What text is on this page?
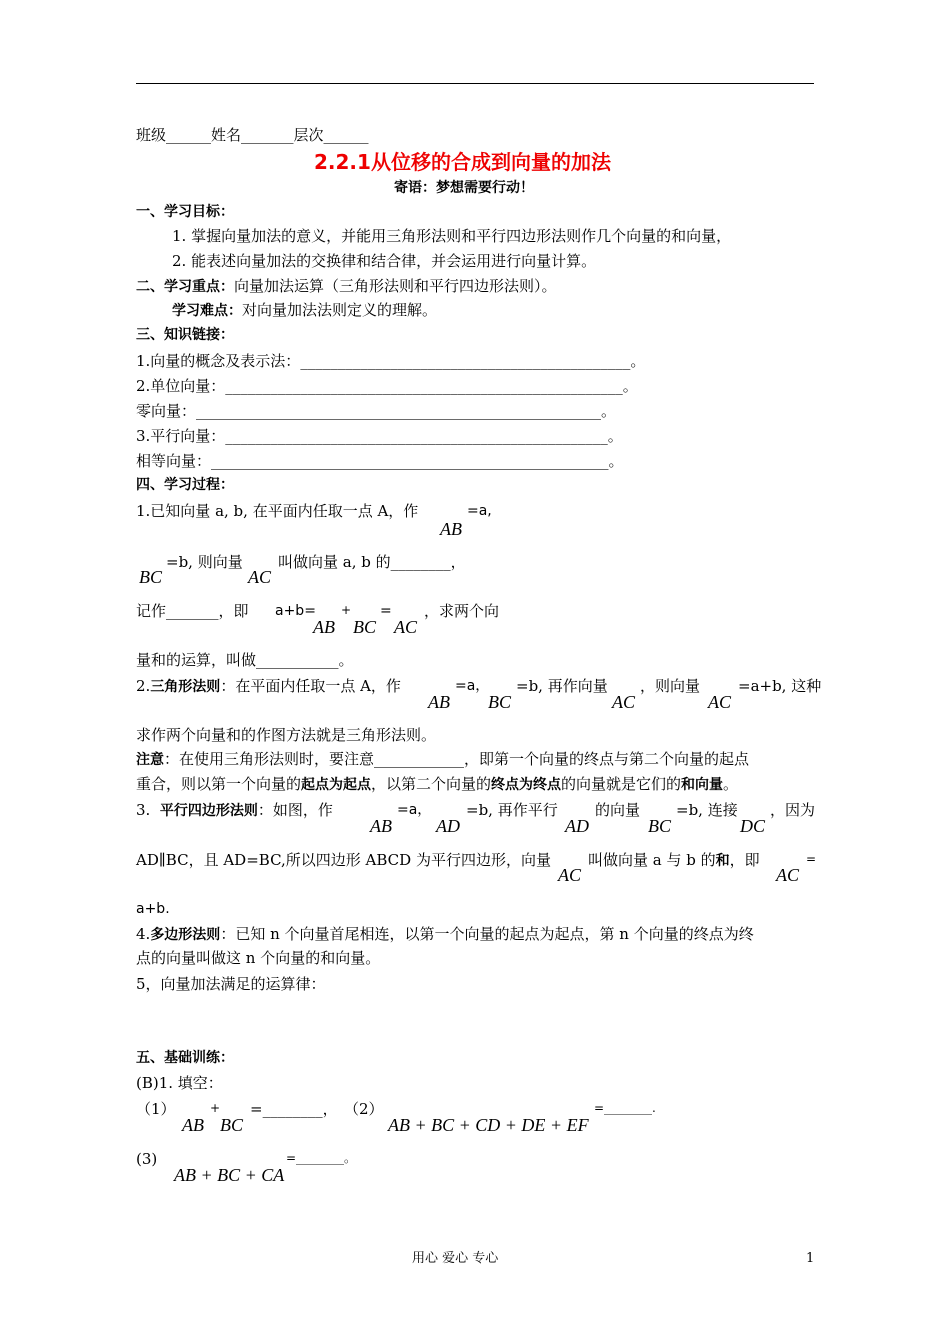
班级______姓名_______层次______
2.2.1从位移的合成到向量的加法
寄语：梦想需要行动！
一、学习目标：
1. 掌握向量加法的意义，并能用三角形法则和平行四边形法则作几个向量的和向量，
2. 能表述向量加法的交换律和结合律，并会运用进行向量计算。
二、学习重点：向量加法运算（三角形法则和平行四边形法则）。
学习难点：对向量加法法则定义的理解。
三、知识链接：
1.向量的概念及表示法：____________________________________________。
2.单位向量：_____________________________________________________。
零向量：______________________________________________________。
3.平行向量：___________________________________________________。
相等向量：_____________________________________________________。
四、学习过程：
1.已知向量 a, b, 在平面内任取一点 A，作
AB
=a,
BC
=b, 则向量
AC
叫做向量 a, b 的________，
记作_______，即 a+b=
AB
+
BC
=
AC
，求两个向
量和的运算，叫做___________。
2.三角形法则：在平面内任取一点 A，作
AB
=a，
BC
=b, 再作向量
AC
，则向量
AC
=a+b, 这种
求作两个向量和的作图方法就是三角形法则。
注意：在使用三角形法则时，要注意____________，即第一个向量的终点与第二个向量的起点
重合，则以第一个向量的起点为起点，以第二个向量的终点为终点的向量就是它们的和向量。
3. 平行四边形法则：如图，作
AB
=a，
AD
=b, 再作平行
AD
的向量
BC
=b, 连接
DC
，因为
AD∥BC，且 AD=BC,所以四边形 ABCD 为平行四边形，向量
AC
叫做向量 a 与 b 的和，即
AC
=
a+b.
4.多边形法则：已知 n 个向量首尾相连，以第一个向量的起点为起点，第 n 个向量的终点为终
点的向量叫做这 n 个向量的和向量。
5，向量加法满足的运算律：
五、基础训练：
(B)1. 填空：
（1）
AB
+
BC
=________， （2）
AB + BC + CD + DE + EF
=________.
(3)
AB + BC + CA
=________。
用心 爱心 专心	1
